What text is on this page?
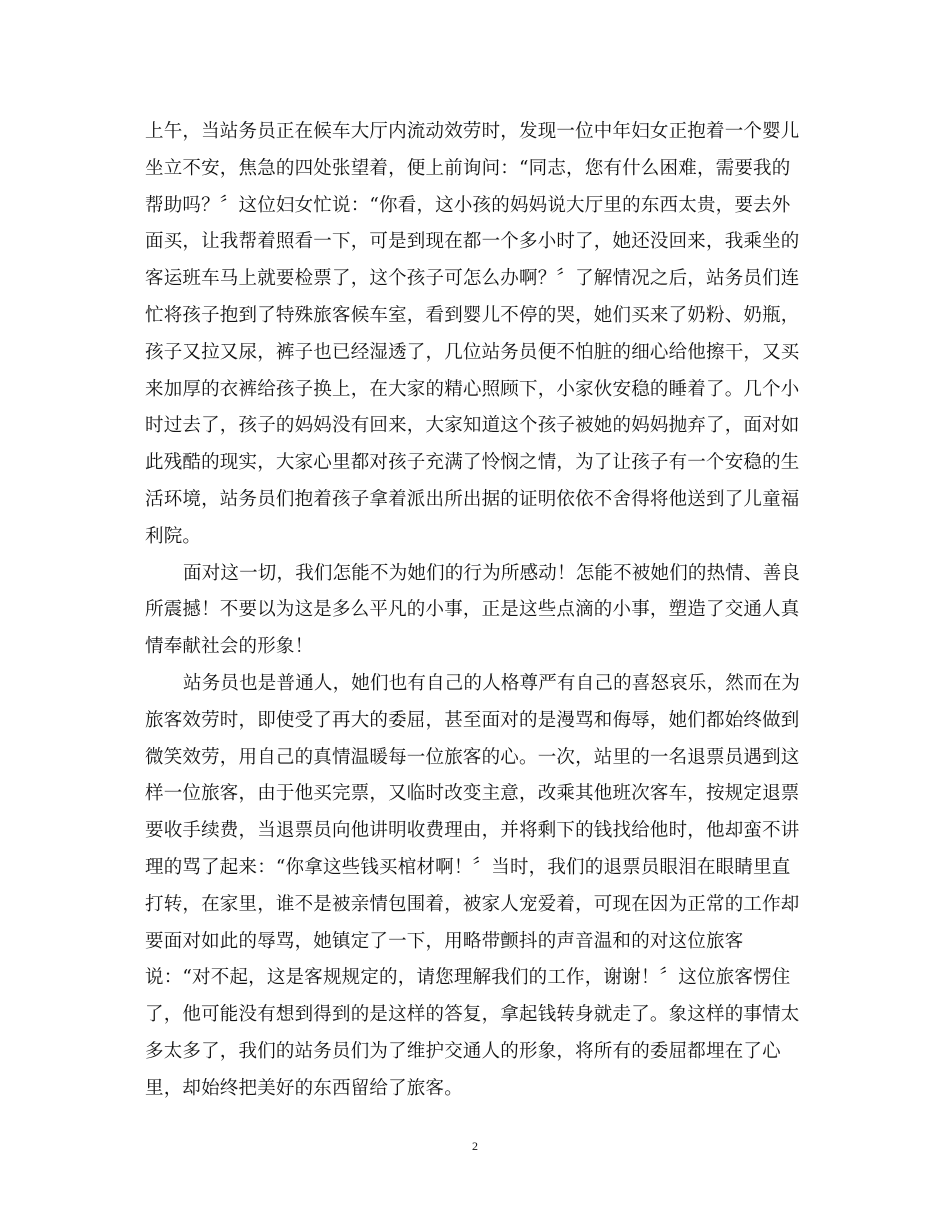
上午，当站务员正在候车大厅内流动效劳时，发现一位中年妇女正抱着一个婴儿
坐立不安，焦急的四处张望着，便上前询问：“同志，您有什么困难，需要我的
帮助吗？〞这位妇女忙说：“你看，这小孩的妈妈说大厅里的东西太贵，要去外
面买，让我帮着照看一下，可是到现在都一个多小时了，她还没回来，我乘坐的
客运班车马上就要检票了，这个孩子可怎么办啊？〞了解情况之后，站务员们连
忙将孩子抱到了特殊旅客候车室，看到婴儿不停的哭，她们买来了奶粉、奶瓶，
孩子又拉又尿，裤子也已经湿透了，几位站务员便不怕脏的细心给他擦干，又买
来加厚的衣裤给孩子换上，在大家的精心照顾下，小家伙安稳的睡着了。几个小
时过去了，孩子的妈妈没有回来，大家知道这个孩子被她的妈妈抛弃了，面对如
此残酷的现实，大家心里都对孩子充满了怜悯之情，为了让孩子有一个安稳的生
活环境，站务员们抱着孩子拿着派出所出据的证明依依不舍得将他送到了儿童福
利院。
面对这一切，我们怎能不为她们的行为所感动！怎能不被她们的热情、善良
所震撼！不要以为这是多么平凡的小事，正是这些点滴的小事，塑造了交通人真
情奉献社会的形象！
站务员也是普通人，她们也有自己的人格尊严有自己的喜怒哀乐，然而在为
旅客效劳时，即使受了再大的委屈，甚至面对的是漫骂和侮辱，她们都始终做到
微笑效劳，用自己的真情温暖每一位旅客的心。一次，站里的一名退票员遇到这
样一位旅客，由于他买完票，又临时改变主意，改乘其他班次客车，按规定退票
要收手续费，当退票员向他讲明收费理由，并将剩下的钱找给他时，他却蛮不讲
理的骂了起来：“你拿这些钱买棺材啊！〞当时，我们的退票员眼泪在眼睛里直
打转，在家里，谁不是被亲情包围着，被家人宠爱着，可现在因为正常的工作却
要面对如此的辱骂，她镇定了一下，用略带颤抖的声音温和的对这位旅客
说：“对不起，这是客规规定的，请您理解我们的工作，谢谢！〞这位旅客愣住
了，他可能没有想到得到的是这样的答复，拿起钱转身就走了。象这样的事情太
多太多了，我们的站务员们为了维护交通人的形象，将所有的委屈都埋在了心
里，却始终把美好的东西留给了旅客。
2
